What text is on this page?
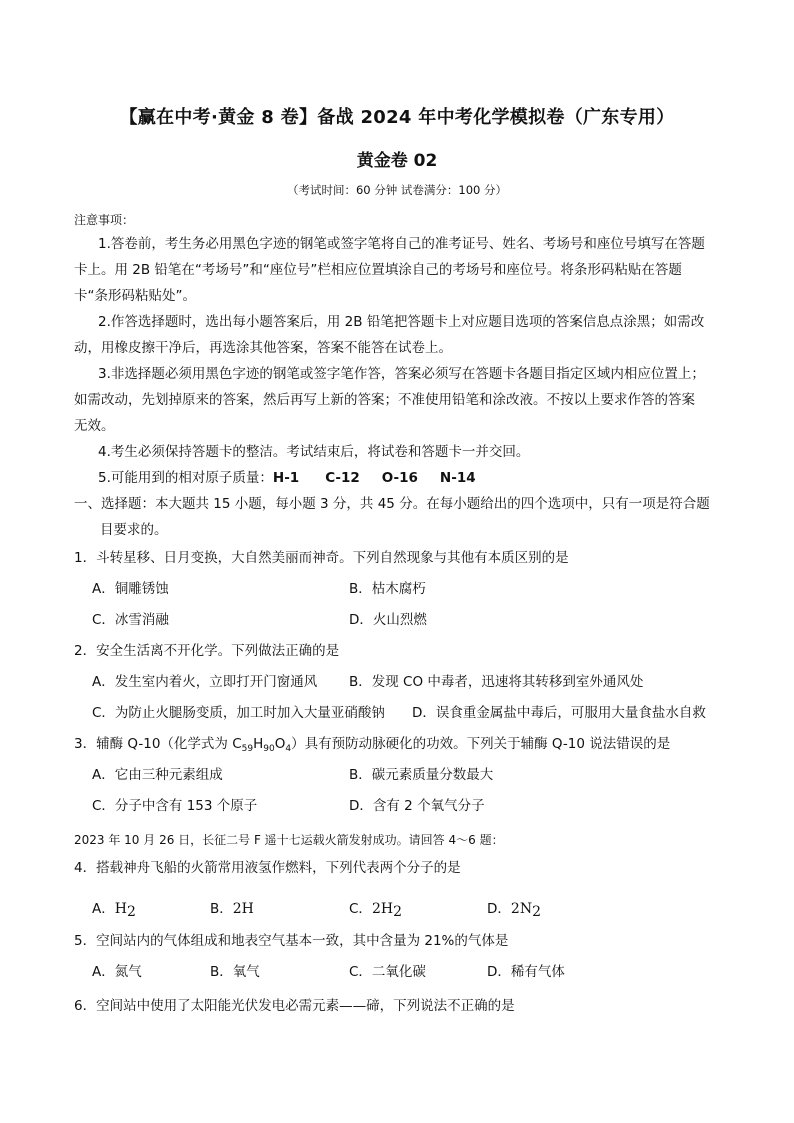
【赢在中考·黄金 8 卷】备战 2024 年中考化学模拟卷（广东专用）
黄金卷 02
（考试时间：60 分钟 试卷满分：100 分）
注意事项：
1.答卷前，考生务必用黑色字迹的钢笔或签字笔将自己的准考证号、姓名、考场号和座位号填写在答题
卡上。用 2B 铅笔在“考场号”和“座位号”栏相应位置填涂自己的考场号和座位号。将条形码粘贴在答题
卡“条形码粘贴处”。
2.作答选择题时，选出每小题答案后，用 2B 铅笔把答题卡上对应题目选项的答案信息点涂黑；如需改
动，用橡皮擦干净后，再选涂其他答案，答案不能答在试卷上。
3.非选择题必须用黑色字迹的钢笔或签字笔作答，答案必须写在答题卡各题目指定区域内相应位置上；
如需改动，先划掉原来的答案，然后再写上新的答案；不准使用铅笔和涂改液。不按以上要求作答的答案
无效。
4.考生必须保持答题卡的整洁。考试结束后，将试卷和答题卡一并交回。
5.可能用到的相对原子质量：H-1 C-12 O-16 N-14
一、选择题：本大题共 15 小题，每小题 3 分，共 45 分。在每小题给出的四个选项中，只有一项是符合题
目要求的。
1．斗转星移、日月变换，大自然美丽而神奇。下列自然现象与其他有本质区别的是
A．铜雕锈蚀	B．枯木腐朽
C．冰雪消融	D．火山烈燃
2．安全生活离不开化学。下列做法正确的是
A．发生室内着火，立即打开门窗通风 B．发现 CO 中毒者，迅速将其转移到室外通风处
C．为防止火腿肠变质，加工时加入大量亚硝酸钠 D．误食重金属盐中毒后，可服用大量食盐水自救
3．辅酶 Q-10（化学式为 $C_{59}H_{90}O_4$）具有预防动脉硬化的功效。下列关于辅酶 Q-10 说法错误的是
A．它由三种元素组成	B．碳元素质量分数最大
C．分子中含有 153 个原子	D．含有 2 个氧气分子
2023 年 10 月 26 日，长征二号 F 遥十七运载火箭发射成功。请回答 4～6 题：
4．搭载神舟飞船的火箭常用液氢作燃料，下列代表两个分子的是
A．$H_2$	B．2H	C．$2H_2$	D．$2N_2$
5．空间站内的气体组成和地表空气基本一致，其中含量为 21%的气体是
A．氮气	B．氧气	C．二氧化碳	D．稀有气体
6．空间站中使用了太阳能光伏发电必需元素——碲，下列说法不正确的是
